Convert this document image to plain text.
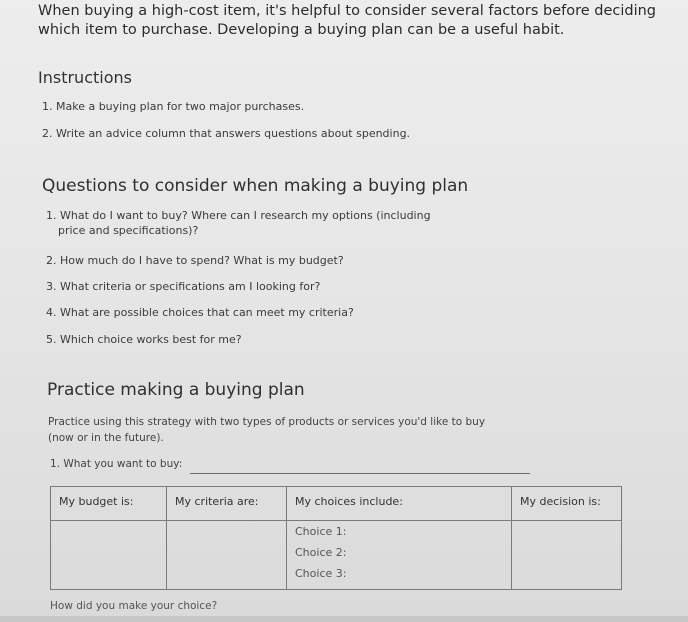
When buying a high-cost item, it's helpful to consider several factors before deciding which item to purchase. Developing a buying plan can be a useful habit.
Instructions
1. Make a buying plan for two major purchases.
2. Write an advice column that answers questions about spending.
Questions to consider when making a buying plan
1. What do I want to buy? Where can I research my options (including
price and specifications)?
2. How much do I have to spend? What is my budget?
3. What criteria or specifications am I looking for?
4. What are possible choices that can meet my criteria?
5. Which choice works best for me?
Practice making a buying plan
Practice using this strategy with two types of products or services you'd like to buy
(now or in the future).
1. What you want to buy:
My budget is:	My criteria are:	My choices include:	My decision is:

		Choice 1:
Choice 2:
Choice 3:	

How did you make your choice?
